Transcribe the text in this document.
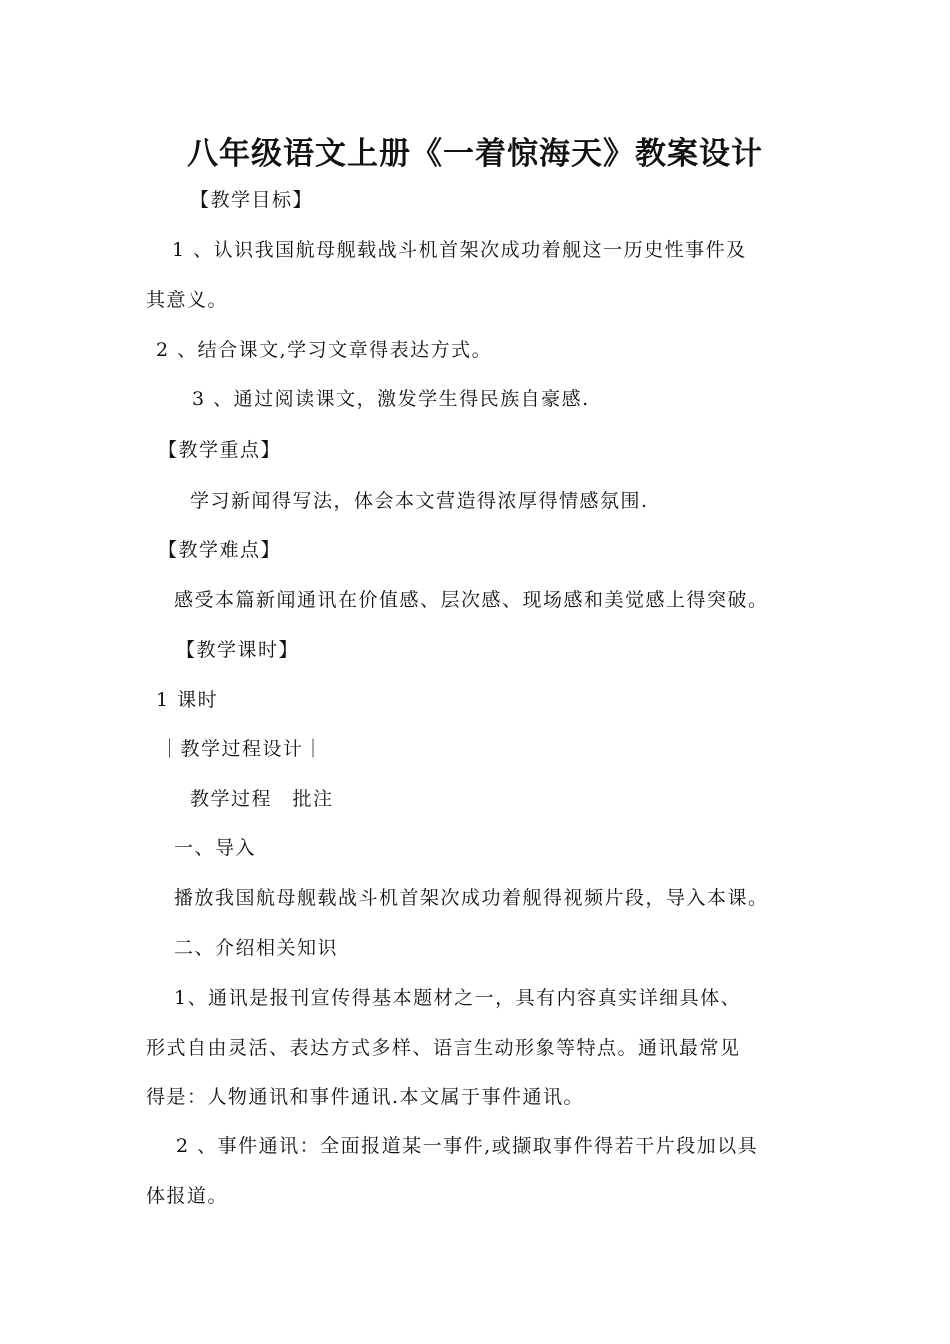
八年级语文上册《一着惊海天》教案设计
【教学目标】
1 、认识我国航母舰载战斗机首架次成功着舰这一历史性事件及
其意义。
2 、结合课文,学习文章得表达方式。
3 、通过阅读课文，激发学生得民族自豪感.
【教学重点】
学习新闻得写法，体会本文营造得浓厚得情感氛围.
【教学难点】
感受本篇新闻通讯在价值感、层次感、现场感和美觉感上得突破。
【教学课时】
1 课时
｜教学过程设计｜
教学过程　批注
一、导入
播放我国航母舰载战斗机首架次成功着舰得视频片段，导入本课。
二、介绍相关知识
1、通讯是报刊宣传得基本题材之一，具有内容真实详细具体、
形式自由灵活、表达方式多样、语言生动形象等特点。通讯最常见
得是：人物通讯和事件通讯.本文属于事件通讯。
2 、事件通讯：全面报道某一事件,或撷取事件得若干片段加以具
体报道。
